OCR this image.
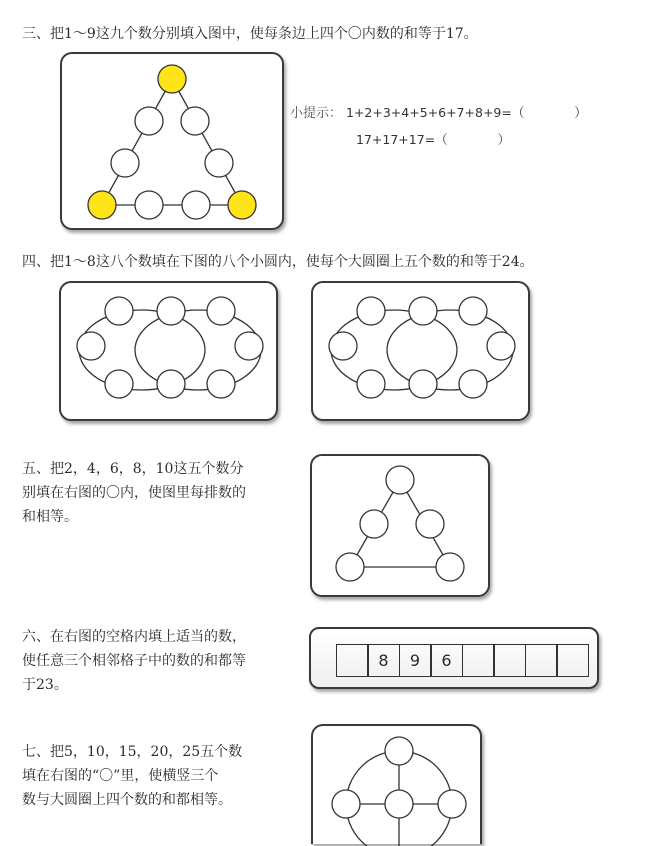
三、把1～9这九个数分别填入图中，使每条边上四个〇内数的和等于17。
小提示： 1+2+3+4+5+6+7+8+9=（	）
17+17+17=（	）
四、把1～8这八个数填在下图的八个小圆内，使每个大圆圈上五个数的和等于24。
五、把2，4，6，8，10这五个数分
别填在右图的〇内，使图里每排数的
和相等。
六、在右图的空格内填上适当的数，
使任意三个相邻格子中的数的和都等
于23。
8	9	6
七、把5，10，15，20，25五个数
填在右图的“〇”里，使横竖三个
数与大圆圈上四个数的和都相等。
